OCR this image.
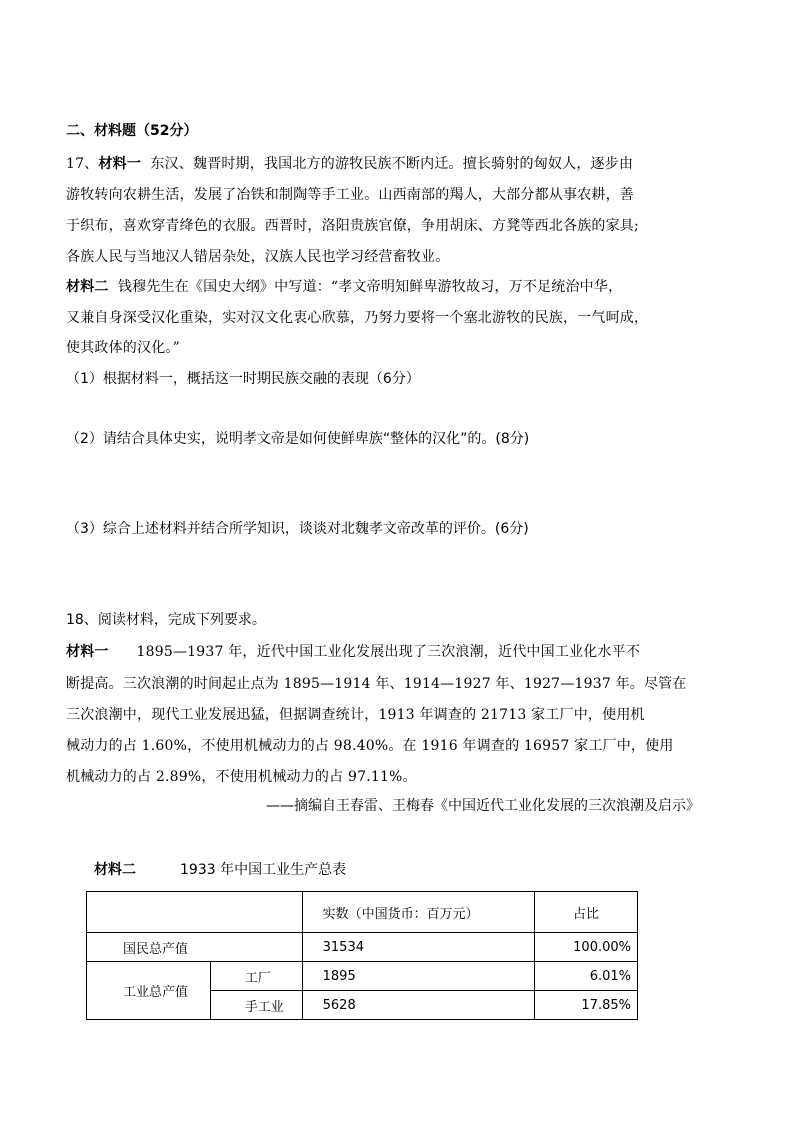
二、材料题（52分）
17、材料一 东汉、魏晋时期，我国北方的游牧民族不断内迁。擅长骑射的匈奴人，逐步由
游牧转向农耕生活，发展了冶铁和制陶等手工业。山西南部的羯人，大部分都从事农耕，善
于织布，喜欢穿青绛色的衣服。西晋时，洛阳贵族官僚，争用胡床、方凳等西北各族的家具;
各族人民与当地汉人错居杂处，汉族人民也学习经营畜牧业。
材料二 钱穆先生在《国史大纲》中写道：“孝文帝明知鲜卑游牧故习，万不足统治中华，
又兼自身深受汉化重染，实对汉文化衷心欣慕，乃努力要将一个塞北游牧的民族，一气呵成，
使其政体的汉化。”
（1）根据材料一，概括这一时期民族交融的表现（6分）
（2）请结合具体史实，说明孝文帝是如何使鲜卑族“整体的汉化”的。(8分)
（3）综合上述材料并结合所学知识，谈谈对北魏孝文帝改革的评价。(6分)
18、阅读材料，完成下列要求。
材料一 1895—1937 年，近代中国工业化发展出现了三次浪潮，近代中国工业化水平不
断提高。三次浪潮的时间起止点为 1895—1914 年、1914—1927 年、1927—1937 年。尽管在
三次浪潮中，现代工业发展迅猛，但据调查统计，1913 年调查的 21713 家工厂中，使用机
械动力的占 1.60%，不使用机械动力的占 98.40%。在 1916 年调查的 16957 家工厂中，使用
机械动力的占 2.89%，不使用机械动力的占 97.11%。
——摘编自王春雷、王梅春《中国近代工业化发展的三次浪潮及启示》
材料二	1933 年中国工业生产总表
		实数（中国货币：百万元）	占比
国民总产值		31534	100.00%
工业总产值	工厂	1895	6.01%
	手工业	5628	17.85%
